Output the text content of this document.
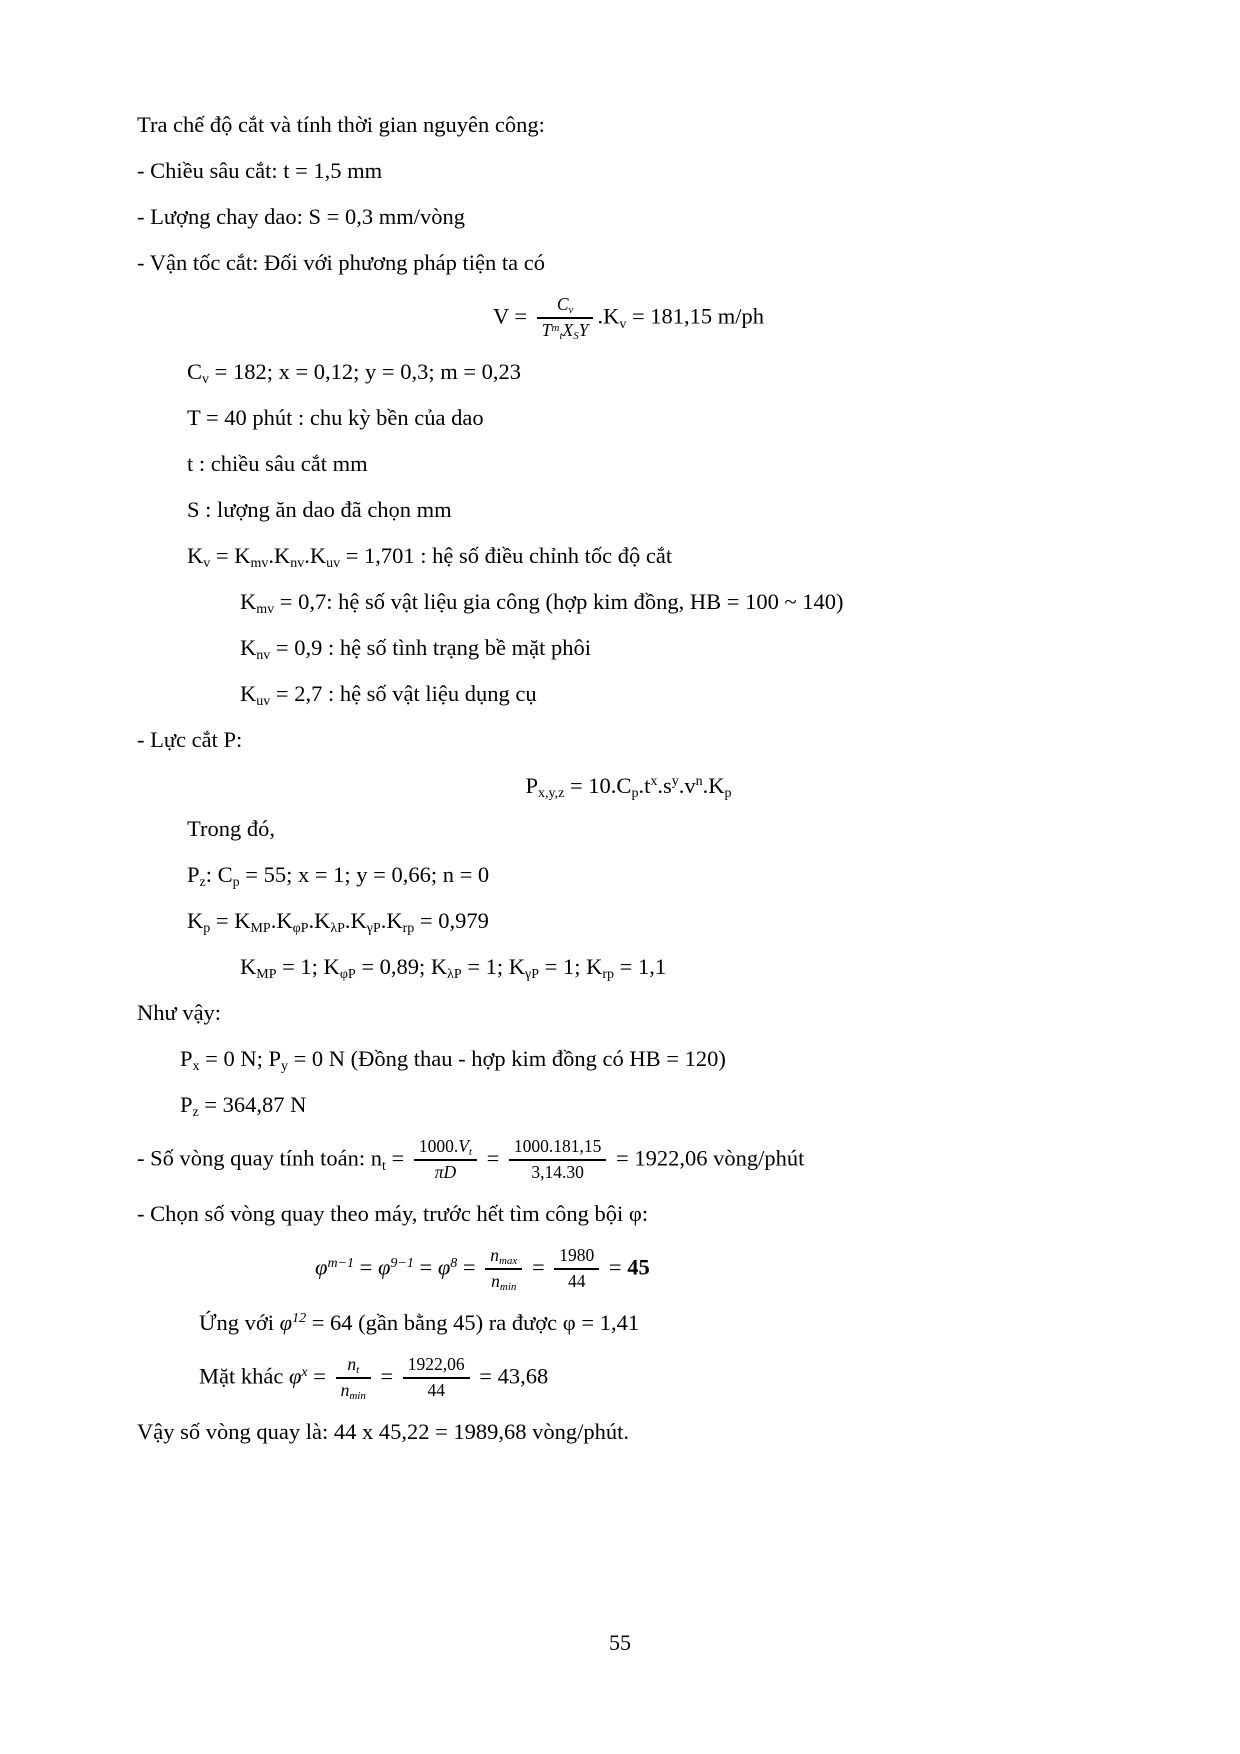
Tra chế độ cắt và tính thời gian nguyên công:
- Chiều sâu cắt: t = 1,5 mm
- Lượng chay dao: S = 0,3 mm/vòng
- Vận tốc cắt: Đối với phương pháp tiện ta có
$V = \frac{C_v}{T^m_tX_SY} .K_v = 181,15$ m/ph
$C_v = 182$; x = 0,12; y = 0,3; m = 0,23
T = 40 phút : chu kỳ bền của dao
t : chiều sâu cắt mm
S : lượng ăn dao đã chọn mm
$K_v = K_{mv}.K_{nv}.K_{uv} = 1,701$ : hệ số điều chỉnh tốc độ cắt
$K_{mv} = 0,7$: hệ số vật liệu gia công (hợp kim đồng, HB = 100 ~ 140)
$K_{nv} = 0,9$ : hệ số tình trạng bề mặt phôi
$K_{uv} = 2,7$ : hệ số vật liệu dụng cụ
- Lực cắt P:
$P_{x,y,z} = 10.C_p.t^x.s^y.v^n.K_p$
Trong đó,
$P_z$: $C_p = 55$; x = 1; y = 0,66; n = 0
$K_p = K_{MP}.K_{\varphi P}.K_{\lambda P}.K_{\gamma P}.K_{rp} = 0,979$
$K_{MP} = 1$; $K_{\varphi P} = 0,89$; $K_{\lambda P} = 1$; $K_{\gamma P} = 1$; $K_{rp} = 1,1$
Như vậy:
$P_x = 0$ N; $P_y = 0$ N (Đồng thau - hợp kim đồng có HB = 120)
$P_z = 364,87$ N
- Số vòng quay tính toán: $n_t = \frac{1000.V_t}{\pi D} = \frac{1000.181,15}{3,14.30} = 1922,06$ vòng/phút
- Chọn số vòng quay theo máy, trước hết tìm công bội φ:
$\varphi^{m-1} = \varphi^{9-1} = \varphi^8 = \frac{n_{max}}{n_{min}} = \frac{1980}{44} = 45$
Ứng với $\varphi^{12} = 64$ (gần bằng 45) ra được φ = 1,41
Mặt khác $\varphi^x = \frac{n_t}{n_{min}} = \frac{1922,06}{44} = 43,68$
Vậy số vòng quay là: 44 x 45,22 = 1989,68 vòng/phút.
55
